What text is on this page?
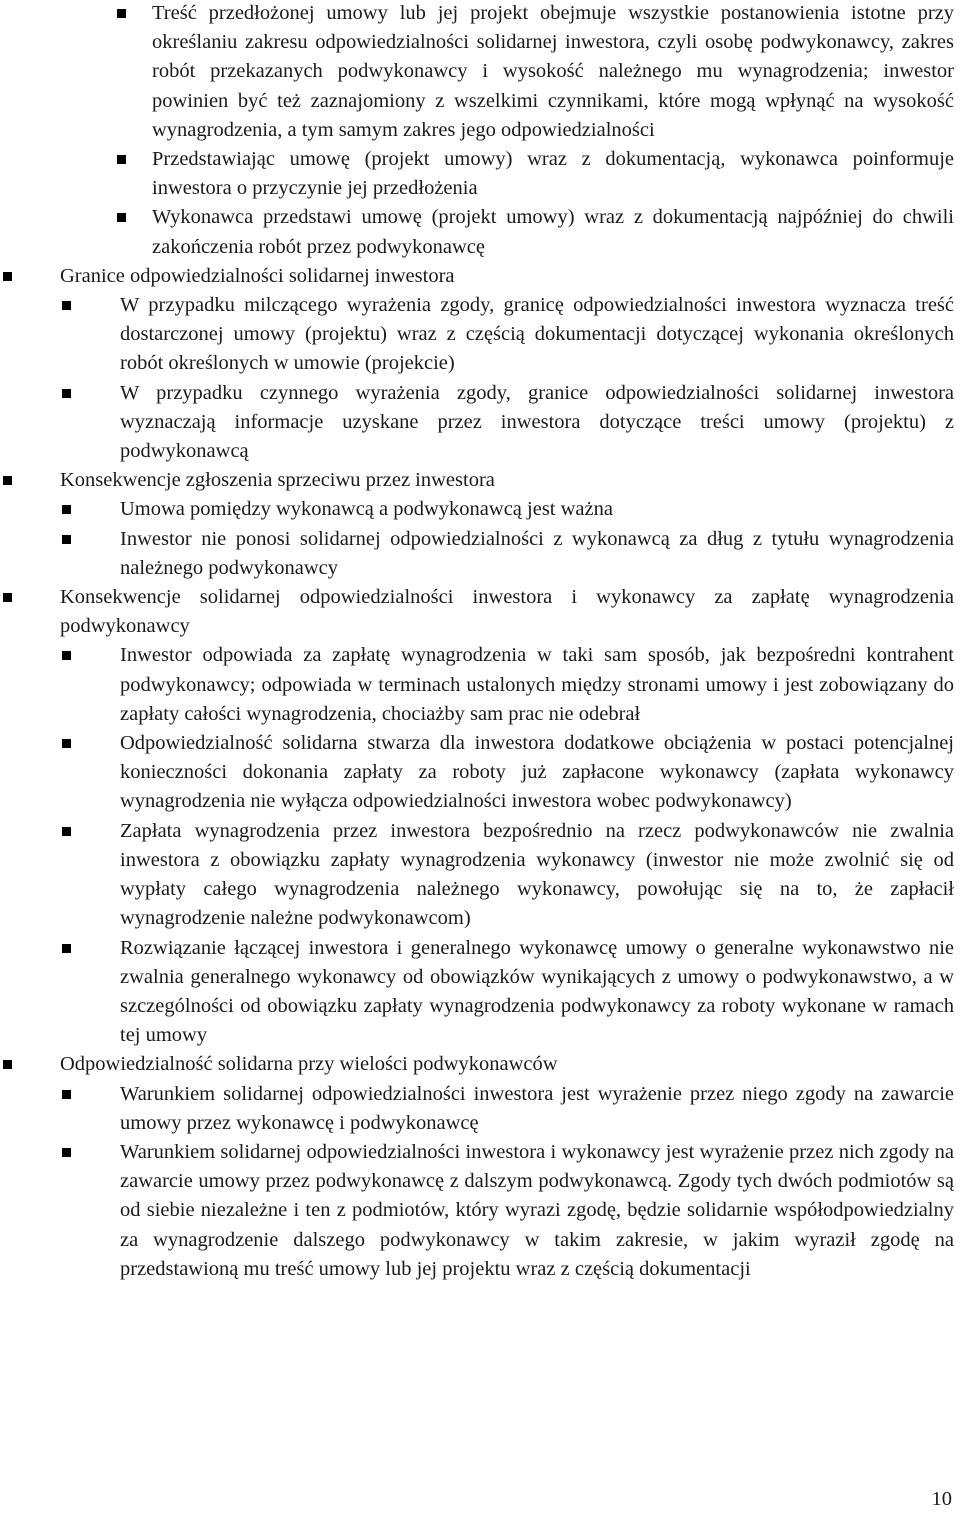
Treść przedłożonej umowy lub jej projekt obejmuje wszystkie postanowienia istotne przy określaniu zakresu odpowiedzialności solidarnej inwestora, czyli osobę podwykonawcy, zakres robót przekazanych podwykonawcy i wysokość należnego mu wynagrodzenia; inwestor powinien być też zaznajomiony z wszelkimi czynnikami, które mogą wpłynąć na wysokość wynagrodzenia, a tym samym zakres jego odpowiedzialności
Przedstawiając umowę (projekt umowy) wraz z dokumentacją, wykonawca poinformuje inwestora o przyczynie jej przedłożenia
Wykonawca przedstawi umowę (projekt umowy) wraz z dokumentacją najpóźniej do chwili zakończenia robót przez podwykonawcę
Granice odpowiedzialności solidarnej inwestora
W przypadku milczącego wyrażenia zgody, granicę odpowiedzialności inwestora wyznacza treść dostarczonej umowy (projektu) wraz z częścią dokumentacji dotyczącej wykonania określonych robót określonych w umowie (projekcie)
W przypadku czynnego wyrażenia zgody, granice odpowiedzialności solidarnej inwestora wyznaczają informacje uzyskane przez inwestora dotyczące treści umowy (projektu) z podwykonawcą
Konsekwencje zgłoszenia sprzeciwu przez inwestora
Umowa pomiędzy wykonawcą a podwykonawcą jest ważna
Inwestor nie ponosi solidarnej odpowiedzialności z wykonawcą za dług z tytułu wynagrodzenia należnego podwykonawcy
Konsekwencje solidarnej odpowiedzialności inwestora i wykonawcy za zapłatę wynagrodzenia podwykonawcy
Inwestor odpowiada za zapłatę wynagrodzenia w taki sam sposób, jak bezpośredni kontrahent podwykonawcy; odpowiada w terminach ustalonych między stronami umowy i jest zobowiązany do zapłaty całości wynagrodzenia, chociażby sam prac nie odebrał
Odpowiedzialność solidarna stwarza dla inwestora dodatkowe obciążenia w postaci potencjalnej konieczności dokonania zapłaty za roboty już zapłacone wykonawcy (zapłata wykonawcy wynagrodzenia nie wyłącza odpowiedzialności inwestora wobec podwykonawcy)
Zapłata wynagrodzenia przez inwestora bezpośrednio na rzecz podwykonawców nie zwalnia inwestora z obowiązku zapłaty wynagrodzenia wykonawcy (inwestor nie może zwolnić się od wypłaty całego wynagrodzenia należnego wykonawcy, powołując się na to, że zapłacił wynagrodzenie należne podwykonawcom)
Rozwiązanie łączącej inwestora i generalnego wykonawcę umowy o generalne wykonawstwo nie zwalnia generalnego wykonawcy od obowiązków wynikających z umowy o podwykonawstwo, a w szczególności od obowiązku zapłaty wynagrodzenia podwykonawcy za roboty wykonane w ramach tej umowy
Odpowiedzialność solidarna przy wielości podwykonawców
Warunkiem solidarnej odpowiedzialności inwestora jest wyrażenie przez niego zgody na zawarcie umowy przez wykonawcę i podwykonawcę
Warunkiem solidarnej odpowiedzialności inwestora i wykonawcy jest wyrażenie przez nich zgody na zawarcie umowy przez podwykonawcę z dalszym podwykonawcą. Zgody tych dwóch podmiotów są od siebie niezależne i ten z podmiotów, który wyrazi zgodę, będzie solidarnie współodpowiedzialny za wynagrodzenie dalszego podwykonawcy w takim zakresie, w jakim wyraził zgodę na przedstawioną mu treść umowy lub jej projektu wraz z częścią dokumentacji
10
